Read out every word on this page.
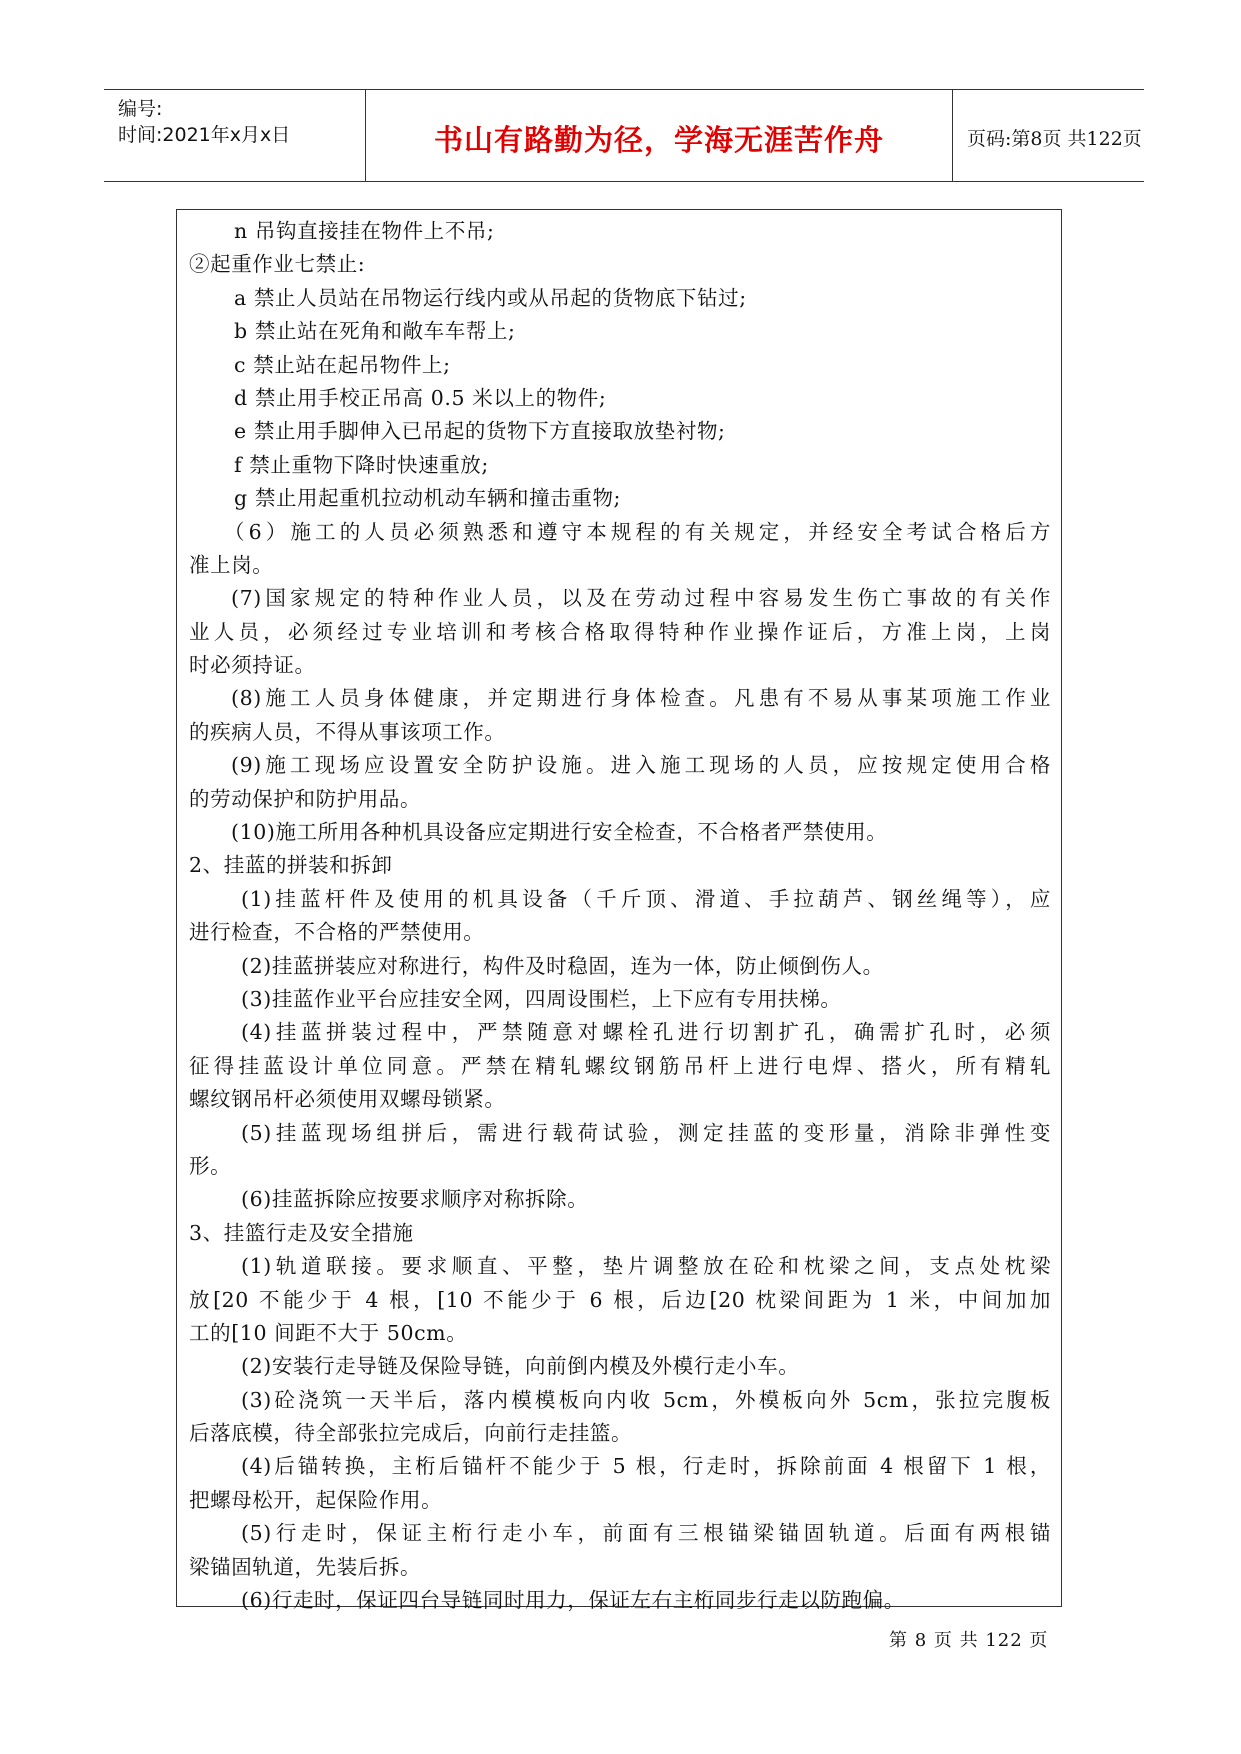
编号:
时间:2021年x月x日	书山有路勤为径，学海无涯苦作舟	页码:第8页 共122页
n 吊钩直接挂在物件上不吊;
②起重作业七禁止:
a 禁止人员站在吊物运行线内或从吊起的货物底下钻过;
b 禁止站在死角和敞车车帮上;
c 禁止站在起吊物件上;
d 禁止用手校正吊高 0.5 米以上的物件;
e 禁止用手脚伸入已吊起的货物下方直接取放垫衬物;
f 禁止重物下降时快速重放;
g 禁止用起重机拉动机动车辆和撞击重物;
（6）施工的人员必须熟悉和遵守本规程的有关规定，并经安全考试合格后方
准上岗。
(7)国家规定的特种作业人员，以及在劳动过程中容易发生伤亡事故的有关作
业人员，必须经过专业培训和考核合格取得特种作业操作证后，方准上岗，上岗
时必须持证。
(8)施工人员身体健康，并定期进行身体检查。凡患有不易从事某项施工作业
的疾病人员，不得从事该项工作。
(9)施工现场应设置安全防护设施。进入施工现场的人员，应按规定使用合格
的劳动保护和防护用品。
(10)施工所用各种机具设备应定期进行安全检查，不合格者严禁使用。
2、挂蓝的拼装和拆卸
(1)挂蓝杆件及使用的机具设备（千斤顶、滑道、手拉葫芦、钢丝绳等），应
进行检查，不合格的严禁使用。
(2)挂蓝拼装应对称进行，构件及时稳固，连为一体，防止倾倒伤人。
(3)挂蓝作业平台应挂安全网，四周设围栏，上下应有专用扶梯。
(4)挂蓝拼装过程中，严禁随意对螺栓孔进行切割扩孔，确需扩孔时，必须
征得挂蓝设计单位同意。严禁在精轧螺纹钢筋吊杆上进行电焊、搭火，所有精轧
螺纹钢吊杆必须使用双螺母锁紧。
(5)挂蓝现场组拼后，需进行载荷试验，测定挂蓝的变形量，消除非弹性变
形。
(6)挂蓝拆除应按要求顺序对称拆除。
3、挂篮行走及安全措施
(1)轨道联接。要求顺直、平整，垫片调整放在砼和枕梁之间，支点处枕梁
放[20 不能少于 4 根，[10 不能少于 6 根，后边[20 枕梁间距为 1 米，中间加加
工的[10 间距不大于 50cm。
(2)安装行走导链及保险导链，向前倒内模及外模行走小车。
(3)砼浇筑一天半后，落内模模板向内收 5cm，外模板向外 5cm，张拉完腹板
后落底模，待全部张拉完成后，向前行走挂篮。
(4)后锚转换，主桁后锚杆不能少于 5 根，行走时，拆除前面 4 根留下 1 根，
把螺母松开，起保险作用。
(5)行走时，保证主桁行走小车，前面有三根锚梁锚固轨道。后面有两根锚
梁锚固轨道，先装后拆。
(6)行走时，保证四台导链同时用力，保证左右主桁同步行走以防跑偏。
第 8 页 共 122 页
